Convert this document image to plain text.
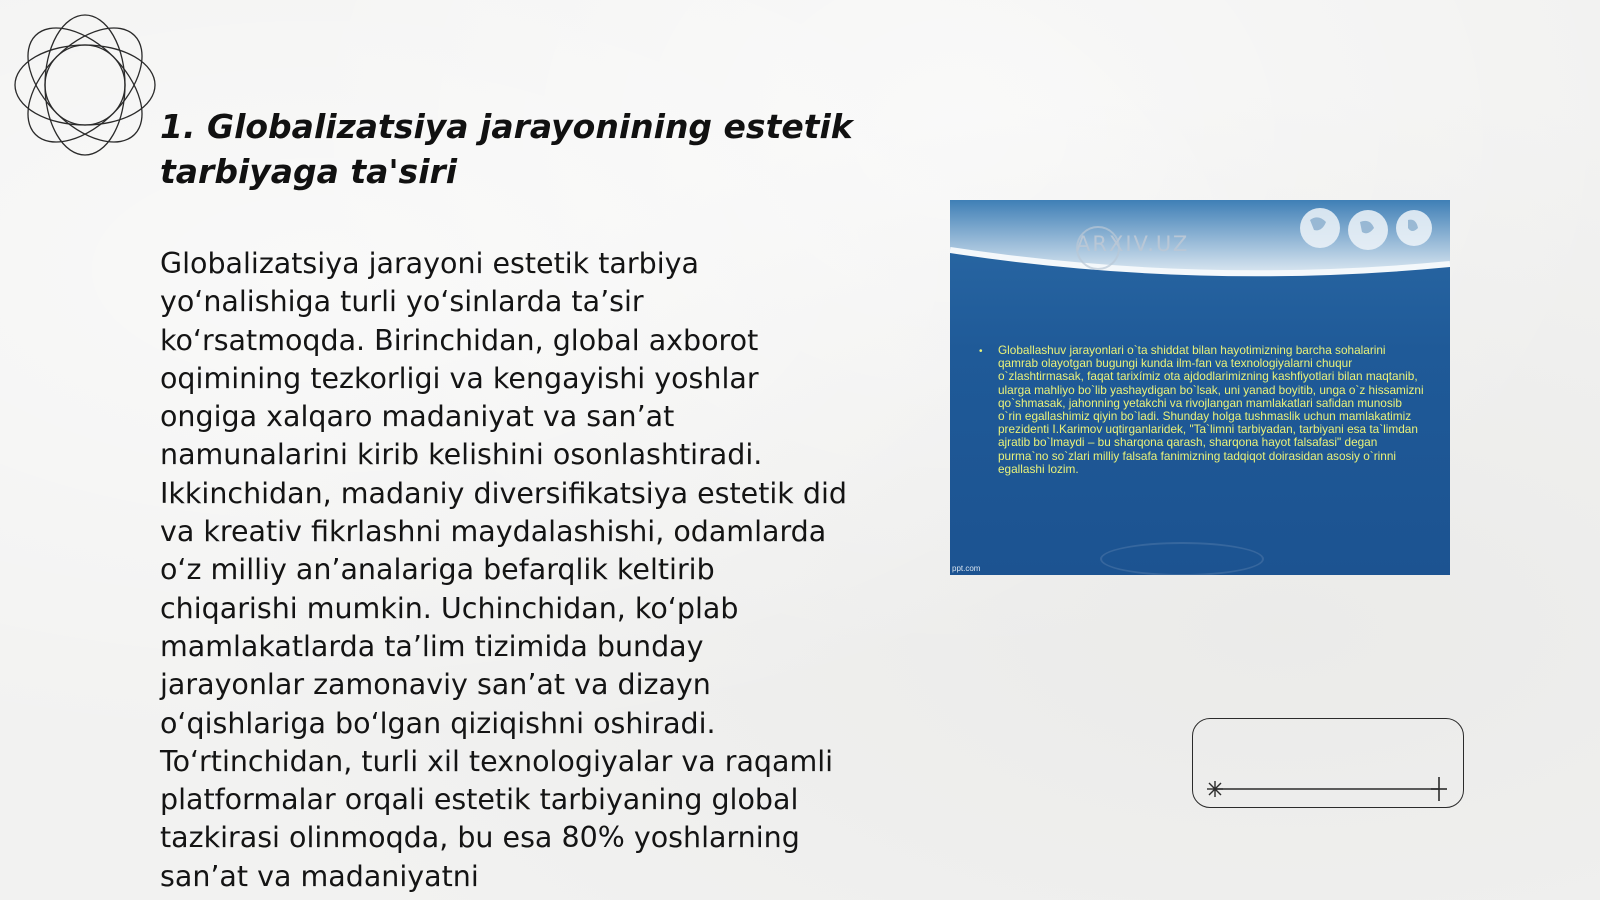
1. Globalizatsiya jarayonining estetik tarbiyaga ta'siri

Globalizatsiya jarayoni estetik tarbiya yo‘nalishiga turli yo‘sinlarda ta’sir ko‘rsatmoqda. Birinchidan, global axborot oqimining tezkorligi va kengayishi yoshlar ongiga xalqaro madaniyat va san’at namunalarini kirib kelishini osonlashtiradi. Ikkinchidan, madaniy diversifikatsiya estetik did va kreativ fikrlashni maydalashishi, odamlarda o‘z milliy an’analariga befarqlik keltirib chiqarishi mumkin. Uchinchidan, ko‘plab mamlakatlarda ta’lim tizimida bunday jarayonlar zamonaviy san’at va dizayn o‘qishlariga bo‘lgan qiziqishni oshiradi. To‘rtinchidan, turli xil texnologiyalar va raqamli platformalar orqali estetik tarbiyaning global tazkirasi olinmoqda, bu esa 80% yoshlarning san’at va madaniyatni

ARXIV.UZ
• Globallashuv jarayonlari o`ta shiddat bilan hayotimizning barcha sohalarini qamrab olayotgan bugungi kunda ilm-fan va texnologiyalarni chuqur o`zlashtirmasak, faqat tarixímiz ota ajdodlarimizning kashfiyotlari bilan maqtanib, ularga mahliyo bo`lib yashaydigan bo`lsak, uni yanad boyitib, unga o`z hissamizni qo`shmasak, jahonning yetakchi va rivojlangan mamlakatlari safidan munosib o`rin egallashimiz qiyin bo`ladi. Shunday holga tushmaslik uchun mamlakatimiz prezidenti I.Karimov uqtirganlaridek, "Ta`limni tarbiyadan, tarbiyani esa ta`limdan ajratib bo`lmaydi – bu sharqona qarash, sharqona hayot falsafasi" degan purma`no so`zlari milliy falsafa fanimizning tadqiqot doirasidan asosiy o`rinni egallashi lozim.
ppt.com
